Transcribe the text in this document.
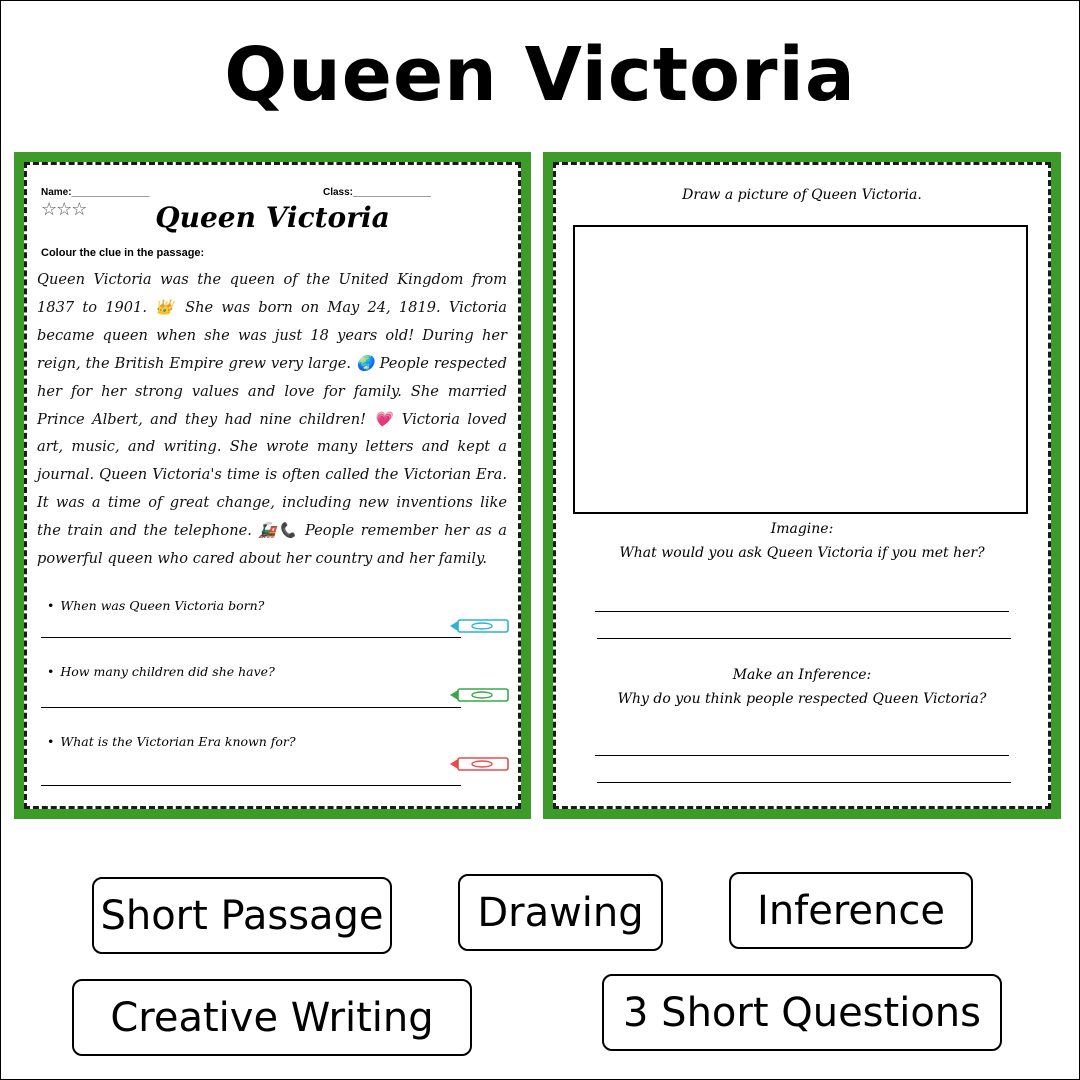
Queen Victoria
Name:______________	Class:______________
☆☆☆	Queen Victoria
Colour the clue in the passage:
Queen Victoria was the queen of the United Kingdom from 1837 to 1901. 👑 She was born on May 24, 1819. Victoria became queen when she was just 18 years old! During her reign, the British Empire grew very large. 🌏 People respected her for her strong values and love for family. She married Prince Albert, and they had nine children! 💗 Victoria loved art, music, and writing. She wrote many letters and kept a journal. Queen Victoria's time is often called the Victorian Era. It was a time of great change, including new inventions like the train and the telephone. 🚂📞 People remember her as a powerful queen who cared about her country and her family.
• When was Queen Victoria born?
• How many children did she have?
• What is the Victorian Era known for?
Draw a picture of Queen Victoria.
Imagine:
What would you ask Queen Victoria if you met her?
Make an Inference:
Why do you think people respected Queen Victoria?
Short Passage	Drawing	Inference
Creative Writing	3 Short Questions
